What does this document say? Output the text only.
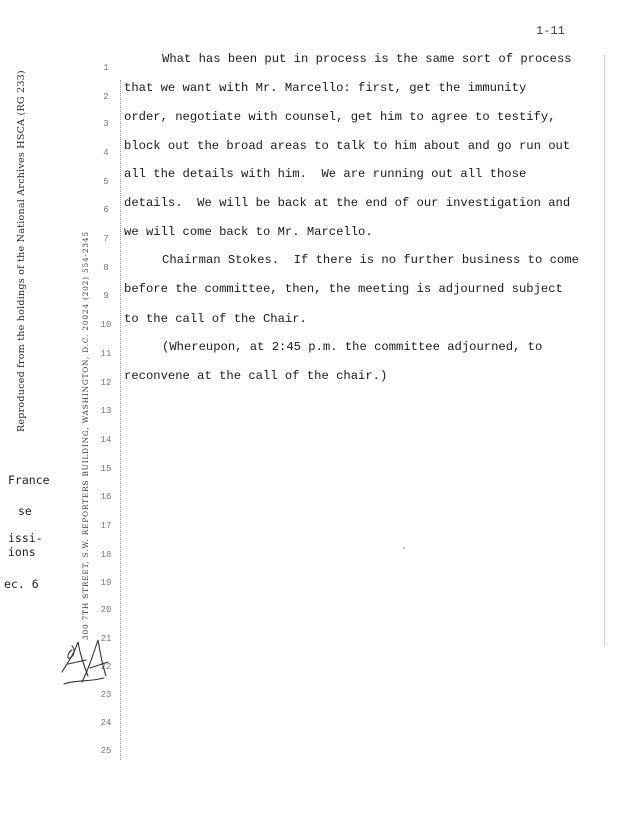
Reproduced from the holdings of the National Archives HSCA (RG 233)	300 7TH STREET, S.W. REPORTERS BUILDING, WASHINGTON, D.C. 20024 (202) 554-2345
1-11
1
2
3
4
5
6
7
8
9
10
11
12
13
14
15
16
17
18
19
20
21
22
23
24
25
What has been put in process is the same sort of process
that we want with Mr. Marcello: first, get the immunity
order, negotiate with counsel, get him to agree to testify,
block out the broad areas to talk to him about and go run out
all the details with him.  We are running out all those
details.  We will be back at the end of our investigation and
we will come back to Mr. Marcello.
Chairman Stokes.  If there is no further business to come
before the committee, then, the meeting is adjourned subject
to the call of the Chair.
(Whereupon, at 2:45 p.m. the committee adjourned, to
reconvene at the call of the chair.)
France
se
issi-
ions
ec. 6
